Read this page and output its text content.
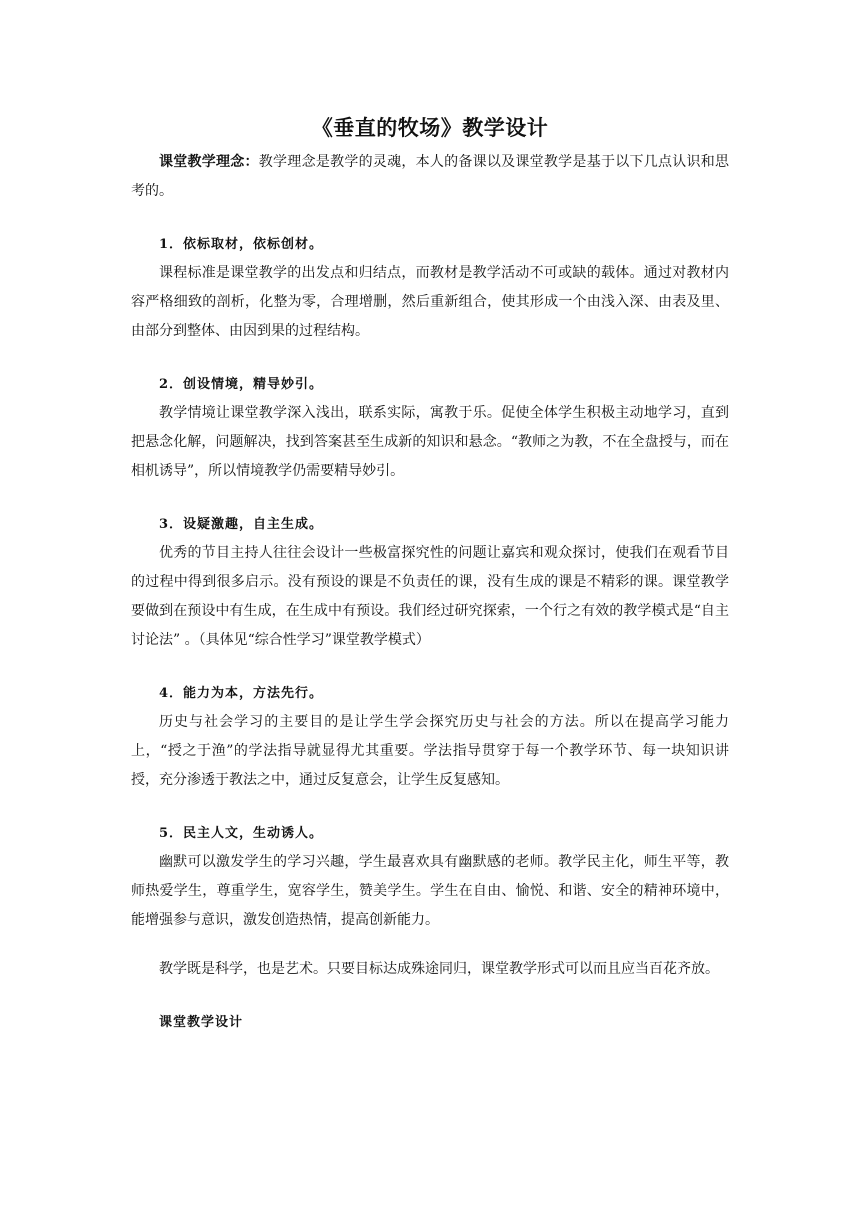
《垂直的牧场》教学设计

课堂教学理念：教学理念是教学的灵魂，本人的备课以及课堂教学是基于以下几点认识和思考的。

1．依标取材，依标创材。

课程标准是课堂教学的出发点和归结点，而教材是教学活动不可或缺的载体。通过对教材内容严格细致的剖析，化整为零，合理增删，然后重新组合，使其形成一个由浅入深、由表及里、由部分到整体、由因到果的过程结构。

2．创设情境，精导妙引。

教学情境让课堂教学深入浅出，联系实际，寓教于乐。促使全体学生积极主动地学习，直到把悬念化解，问题解决，找到答案甚至生成新的知识和悬念。“教师之为教，不在全盘授与，而在相机诱导”，所以情境教学仍需要精导妙引。

3．设疑激趣，自主生成。

优秀的节目主持人往往会设计一些极富探究性的问题让嘉宾和观众探讨，使我们在观看节目的过程中得到很多启示。没有预设的课是不负责任的课，没有生成的课是不精彩的课。课堂教学要做到在预设中有生成，在生成中有预设。我们经过研究探索，一个行之有效的教学模式是“自主讨论法” 。（具体见“综合性学习”课堂教学模式）

4．能力为本，方法先行。

历史与社会学习的主要目的是让学生学会探究历史与社会的方法。所以在提高学习能力上，“授之于渔”的学法指导就显得尤其重要。学法指导贯穿于每一个教学环节、每一块知识讲授，充分渗透于教法之中，通过反复意会，让学生反复感知。

5．民主人文，生动诱人。

幽默可以激发学生的学习兴趣，学生最喜欢具有幽默感的老师。教学民主化，师生平等，教师热爱学生，尊重学生，宽容学生，赞美学生。学生在自由、愉悦、和谐、安全的精神环境中，能增强参与意识，激发创造热情，提高创新能力。

教学既是科学，也是艺术。只要目标达成殊途同归，课堂教学形式可以而且应当百花齐放。

课堂教学设计
